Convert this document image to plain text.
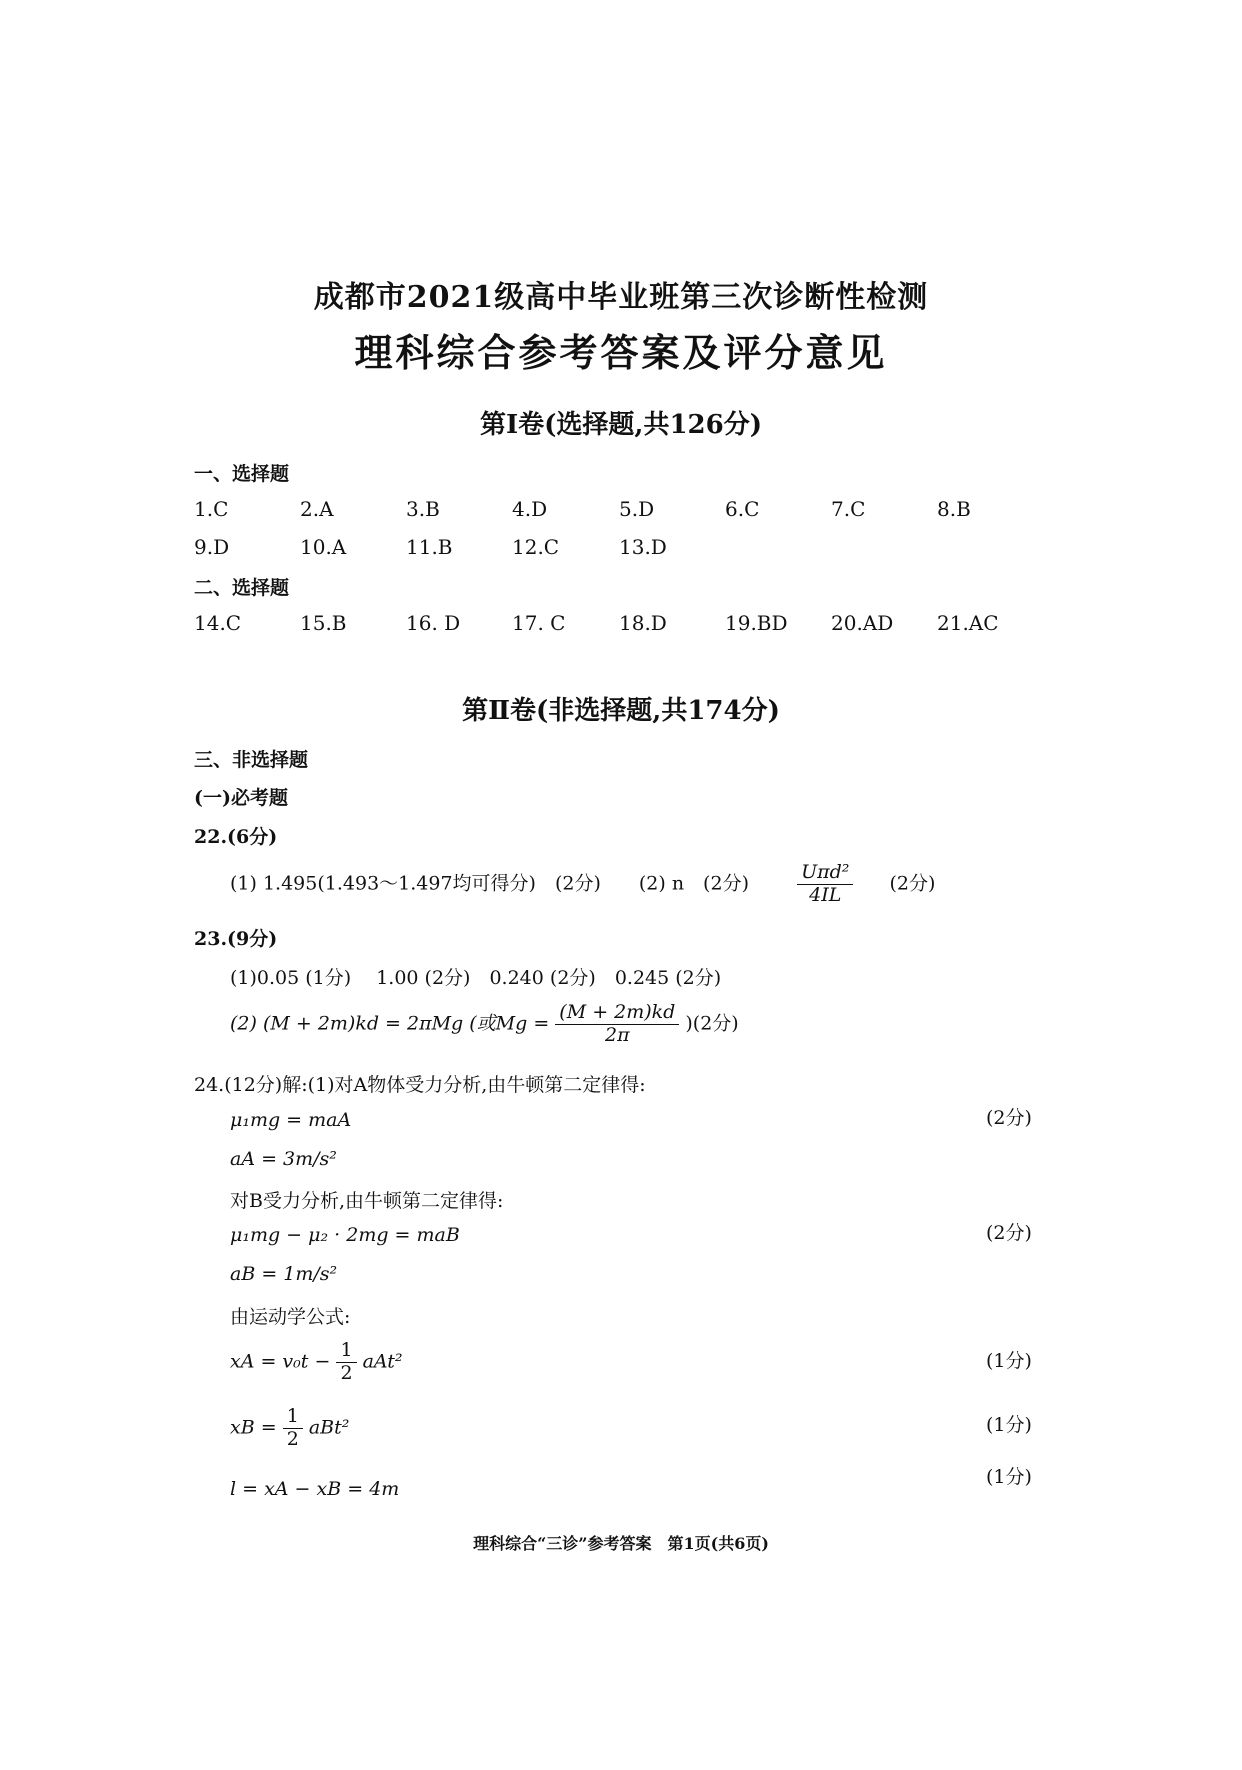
成都市2021级高中毕业班第三次诊断性检测
理科综合参考答案及评分意见
第Ⅰ卷(选择题,共126分)
一、选择题
1.C	2.A	3.B	4.D	5.D	6.C	7.C	8.B
9.D	10.A	11.B	12.C	13.D
二、选择题
14.C	15.B	16. D	17. C	18.D	19.BD 20.AD 21.AC
第Ⅱ卷(非选择题,共174分)
三、非选择题
(一)必考题
22.(6分)
(1) 1.495(1.493～1.497均可得分)　(2分)　　(2) n　(2分)	$\frac{\text{Uπd²}}{4IL} (2$分)
23.(9分)
(1)0.05 (1分)　 1.00 (2分)　0.240 (2分)　0.245 (2分)
(2) (M + 2m)kd = 2πMg (或$Mg = \frac{(M + 2m)kd}{2\pi} )(2$分)
24.(12分)解:(1)对A物体受力分析,由牛顿第二定律得:
μ₁mg = maA	(2分)
aA = 3m/s²
对B受力分析,由牛顿第二定律得:
μ₁mg − μ₂ · 2mg = maB	(2分)
aB = 1m/s²
由运动学公式:
xA = $v_0t - \frac{1}{2} aAt^2$	(1分)
xB = $\frac{1}{2} aBt^2$	(1分)
l = xA − xB = 4m
(1分)
理科综合“三诊”参考答案　第1页(共6页)
